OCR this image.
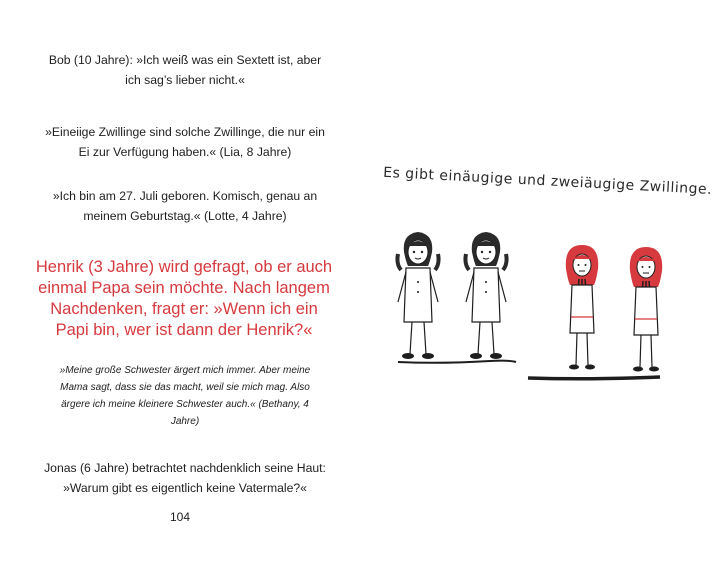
Bob (10 Jahre): »Ich weiß was ein Sextett ist, aber ich sag’s lieber nicht.«

»Eineiige Zwillinge sind solche Zwillinge, die nur ein Ei zur Verfügung haben.« (Lia, 8 Jahre)

»Ich bin am 27. Juli geboren. Komisch, genau an meinem Geburtstag.« (Lotte, 4 Jahre)

Henrik (3 Jahre) wird gefragt, ob er auch einmal Papa sein möchte. Nach langem Nachdenken, fragt er: »Wenn ich ein Papi bin, wer ist dann der Henrik?«

»Meine große Schwester ärgert mich immer. Aber meine Mama sagt, dass sie das macht, weil sie mich mag. Also ärgere ich meine kleinere Schwester auch.« (Bethany, 4 Jahre)

Jonas (6 Jahre) betrachtet nachdenklich seine Haut: »Warum gibt es eigentlich keine Vatermale?«

104
Es gibt einäugige und zweiäugige Zwillinge.
